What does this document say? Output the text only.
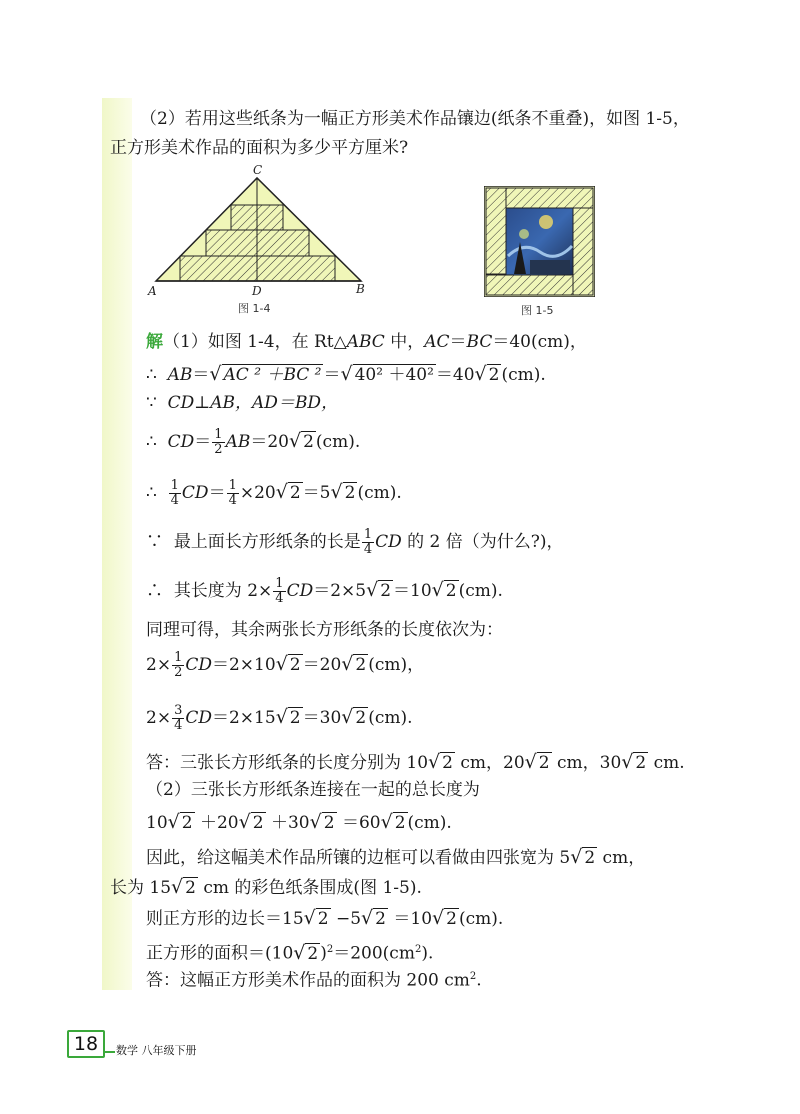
（2）若用这些纸条为一幅正方形美术作品镶边(纸条不重叠)，如图 1-5，
正方形美术作品的面积为多少平方厘米?
C
A	D	B
图 1-4	图 1-5
解（1）如图 1-4，在 Rt△ABC 中，AC＝BC＝40(cm)，
∴ AB＝√ AC ² ＋BC ² ＝√ 40² ＋40² ＝40√ 2 (cm).
∵ CD⊥AB，AD＝BD，
∴ $CD= \frac{1}{2} AB=20√$ 2 (cm).
∴ $\frac{1}{4} CD= \frac{1}{4} \times 20√$ 2 ＝5√ 2 (cm).
∵ 最上面长方形纸条的长是 $\frac{1}{4}$ CD 的 2 倍（为什么?)，
∴ 其长度为 $2\times \frac{1}{4} CD=2\times 5√$ 2 ＝10√ 2 (cm).
同理可得，其余两张长方形纸条的长度依次为：
$2\times \frac{1}{2} CD=2\times 10√$ 2 ＝20√ 2 (cm)，
$2\times \frac{3}{4} CD=2\times 15√$ 2 ＝30√ 2 (cm).
答：三张长方形纸条的长度分别为 10√ 2 cm，20√ 2 cm，30√ 2 cm.
（2）三张长方形纸条连接在一起的总长度为
10√ 2 ＋20√ 2 ＋30√ 2 ＝60√ 2 (cm).
因此，给这幅美术作品所镶的边框可以看做由四张宽为 5√ 2 cm，
长为 15√ 2 cm 的彩色纸条围成(图 1-5).
则正方形的边长＝15√ 2 −5√ 2 ＝10√ 2 (cm).
正方形的面积＝(10√ 2 )$^2=200(cm^2)$.
答：这幅正方形美术作品的面积为 200 $cm^2$.
18	数学 八年级下册
